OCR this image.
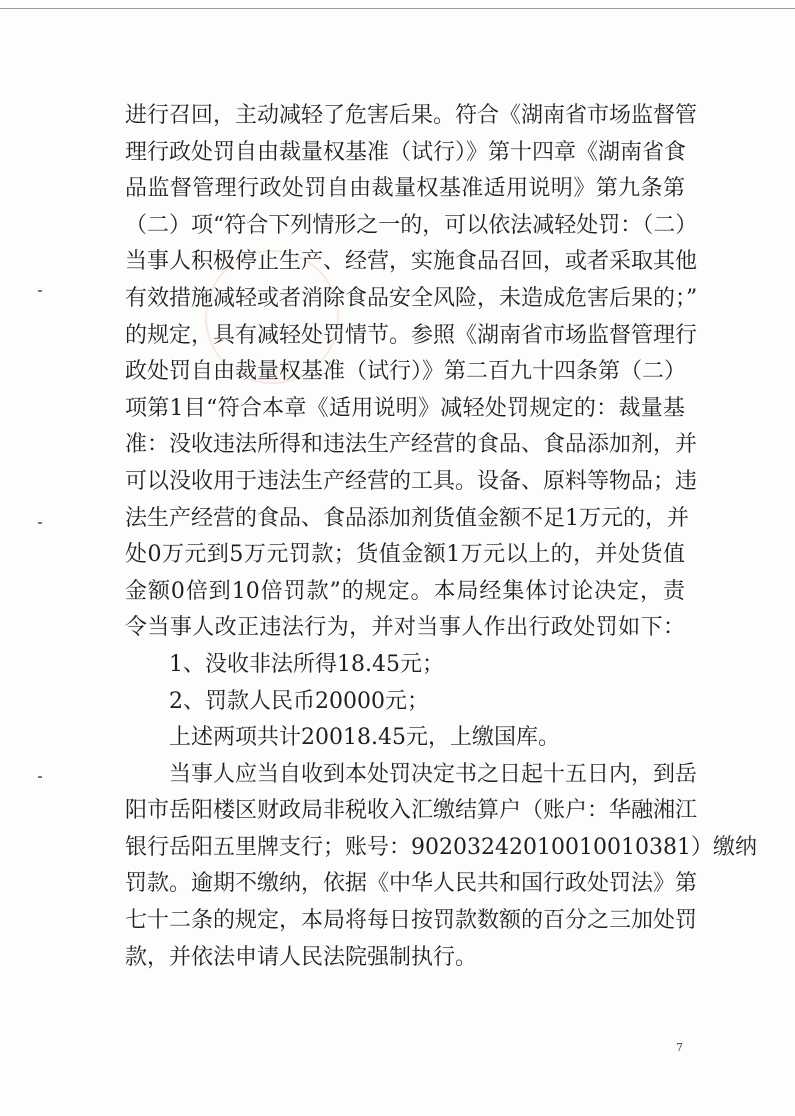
进行召回，主动减轻了危害后果。符合《湖南省市场监督管
理行政处罚自由裁量权基准（试行）》第十四章《湖南省食
品监督管理行政处罚自由裁量权基准适用说明》第九条第
（二）项“符合下列情形之一的，可以依法减轻处罚：（二）
当事人积极停止生产、经营，实施食品召回，或者采取其他
有效措施减轻或者消除食品安全风险，未造成危害后果的；”
的规定，具有减轻处罚情节。参照《湖南省市场监督管理行
政处罚自由裁量权基准（试行）》第二百九十四条第（二）
项第1目“符合本章《适用说明》减轻处罚规定的：裁量基
准：没收违法所得和违法生产经营的食品、食品添加剂，并
可以没收用于违法生产经营的工具。设备、原料等物品；违
法生产经营的食品、食品添加剂货值金额不足1万元的，并
处0万元到5万元罚款；货值金额1万元以上的，并处货值
金额0倍到10倍罚款”的规定。本局经集体讨论决定，责
令当事人改正违法行为，并对当事人作出行政处罚如下：
1、没收非法所得18.45元；
2、罚款人民币20000元；
上述两项共计20018.45元，上缴国库。
当事人应当自收到本处罚决定书之日起十五日内，到岳
阳市岳阳楼区财政局非税收入汇缴结算户（账户：华融湘江
银行岳阳五里牌支行；账号：90203242010010010381）缴纳
罚款。逾期不缴纳，依据《中华人民共和国行政处罚法》第
七十二条的规定，本局将每日按罚款数额的百分之三加处罚
款，并依法申请人民法院强制执行。
7
